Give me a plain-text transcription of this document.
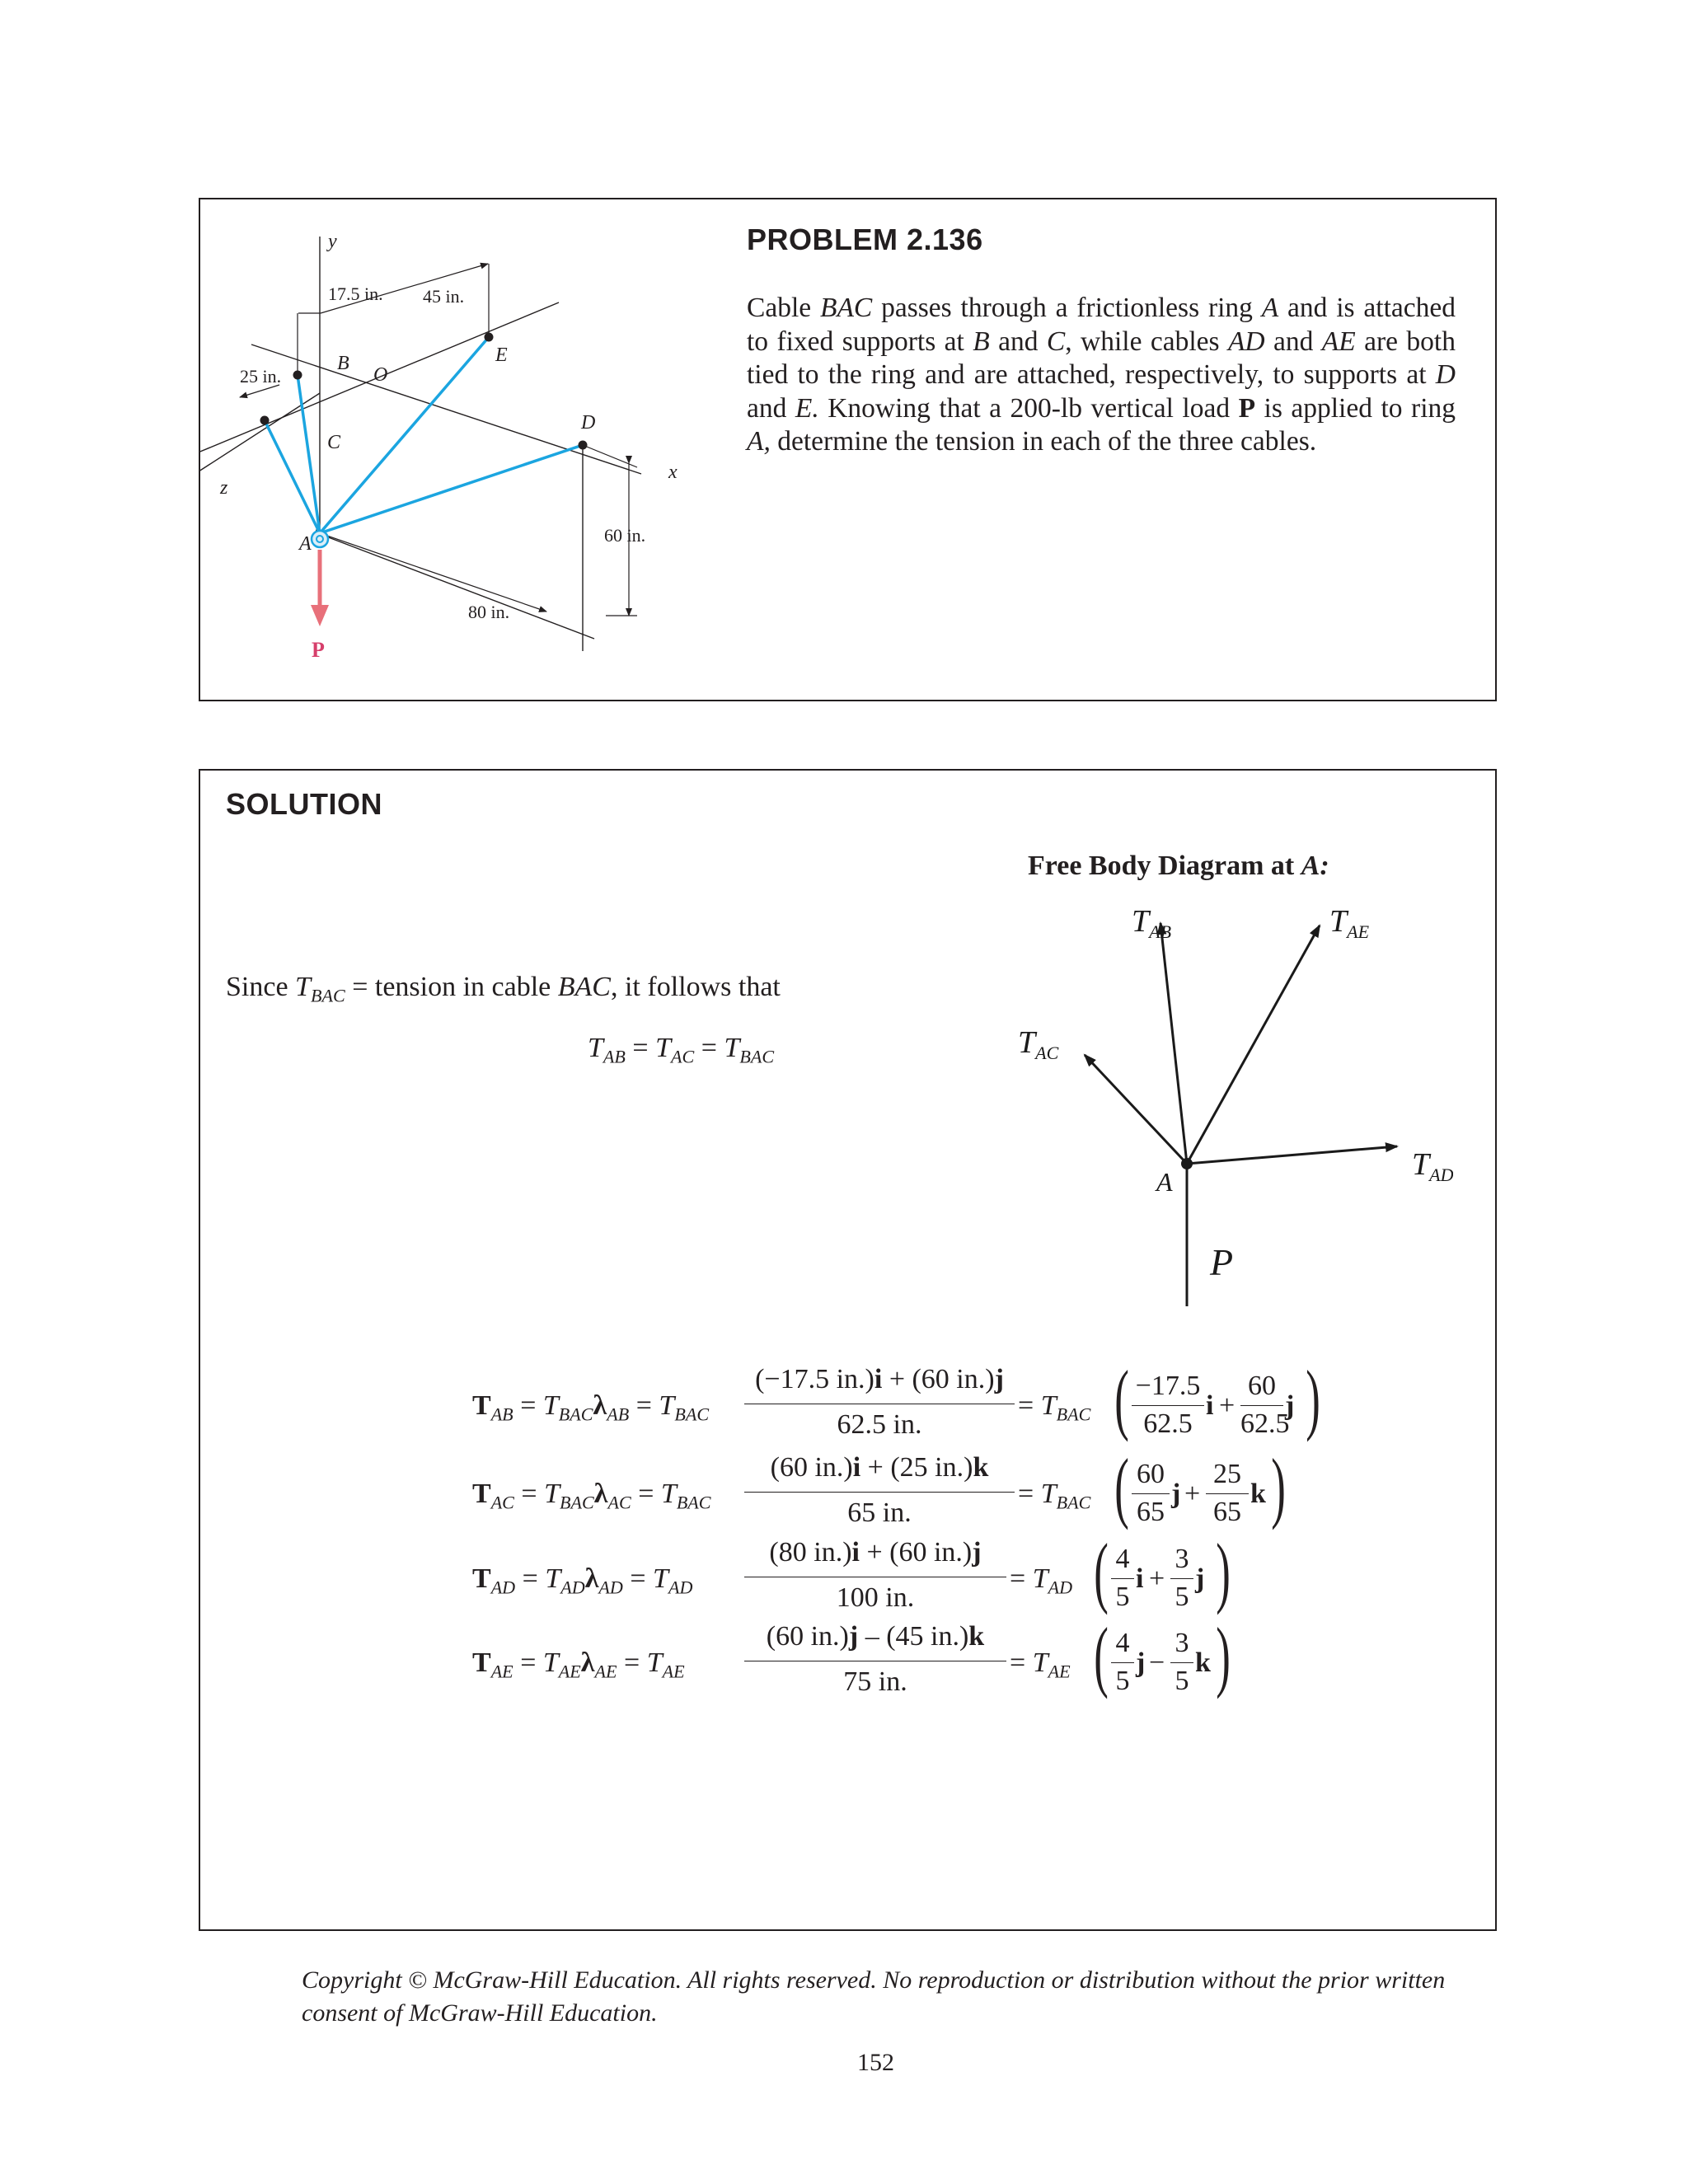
y
x
z
B
O
C
D
E
A
P
17.5 in. 45 in.
25 in.
60 in.
80 in.
PROBLEM 2.136
Cable BAC passes through a frictionless ring A and is attached to fixed supports at B and C, while cables AD and AE are both tied to the ring and are attached, respectively, to supports at D and E. Knowing that a 200-lb vertical load P is applied to ring A, determine the tension in each of the three cables.
SOLUTION
Free Body Diagram at A:
$T_{AB}$	$T_{AE}$
$T_{AC}$
$T_{AD}$
A
P
Since $T_{BAC}$ = tension in cable BAC, it follows that
$T_{AB} = T_{AC} = T_{BAC}$
$T_{AB} = T_{BAC}\lambda_{AB} = T_{BAC}$
(−17.5 in.)i + (60 in.)j
62.5 in.
= $T_{BAC}$ ( −17.5
62.5
i +
60
62.5
j )
$T_{AC} = T_{BAC}\lambda_{AC} = T_{BAC}$
(60 in.)i + (25 in.)k
65 in.
= $T_{BAC}$ ( 60
65
j +
25
65
k )
$T_{AD} = T_{AD}\lambda_{AD} = T_{AD}$
(80 in.)i + (60 in.)j
100 in.
= $T_{AD}$ ( 4
5
i +
3
5
j )
$T_{AE} = T_{AE}\lambda_{AE} = T_{AE}$
(60 in.)j – (45 in.)k
75 in.
= $T_{AE}$ ( 4
5
j −
3
5
k )
Copyright © McGraw-Hill Education. All rights reserved. No reproduction or distribution without the prior written consent of McGraw-Hill Education.
152
